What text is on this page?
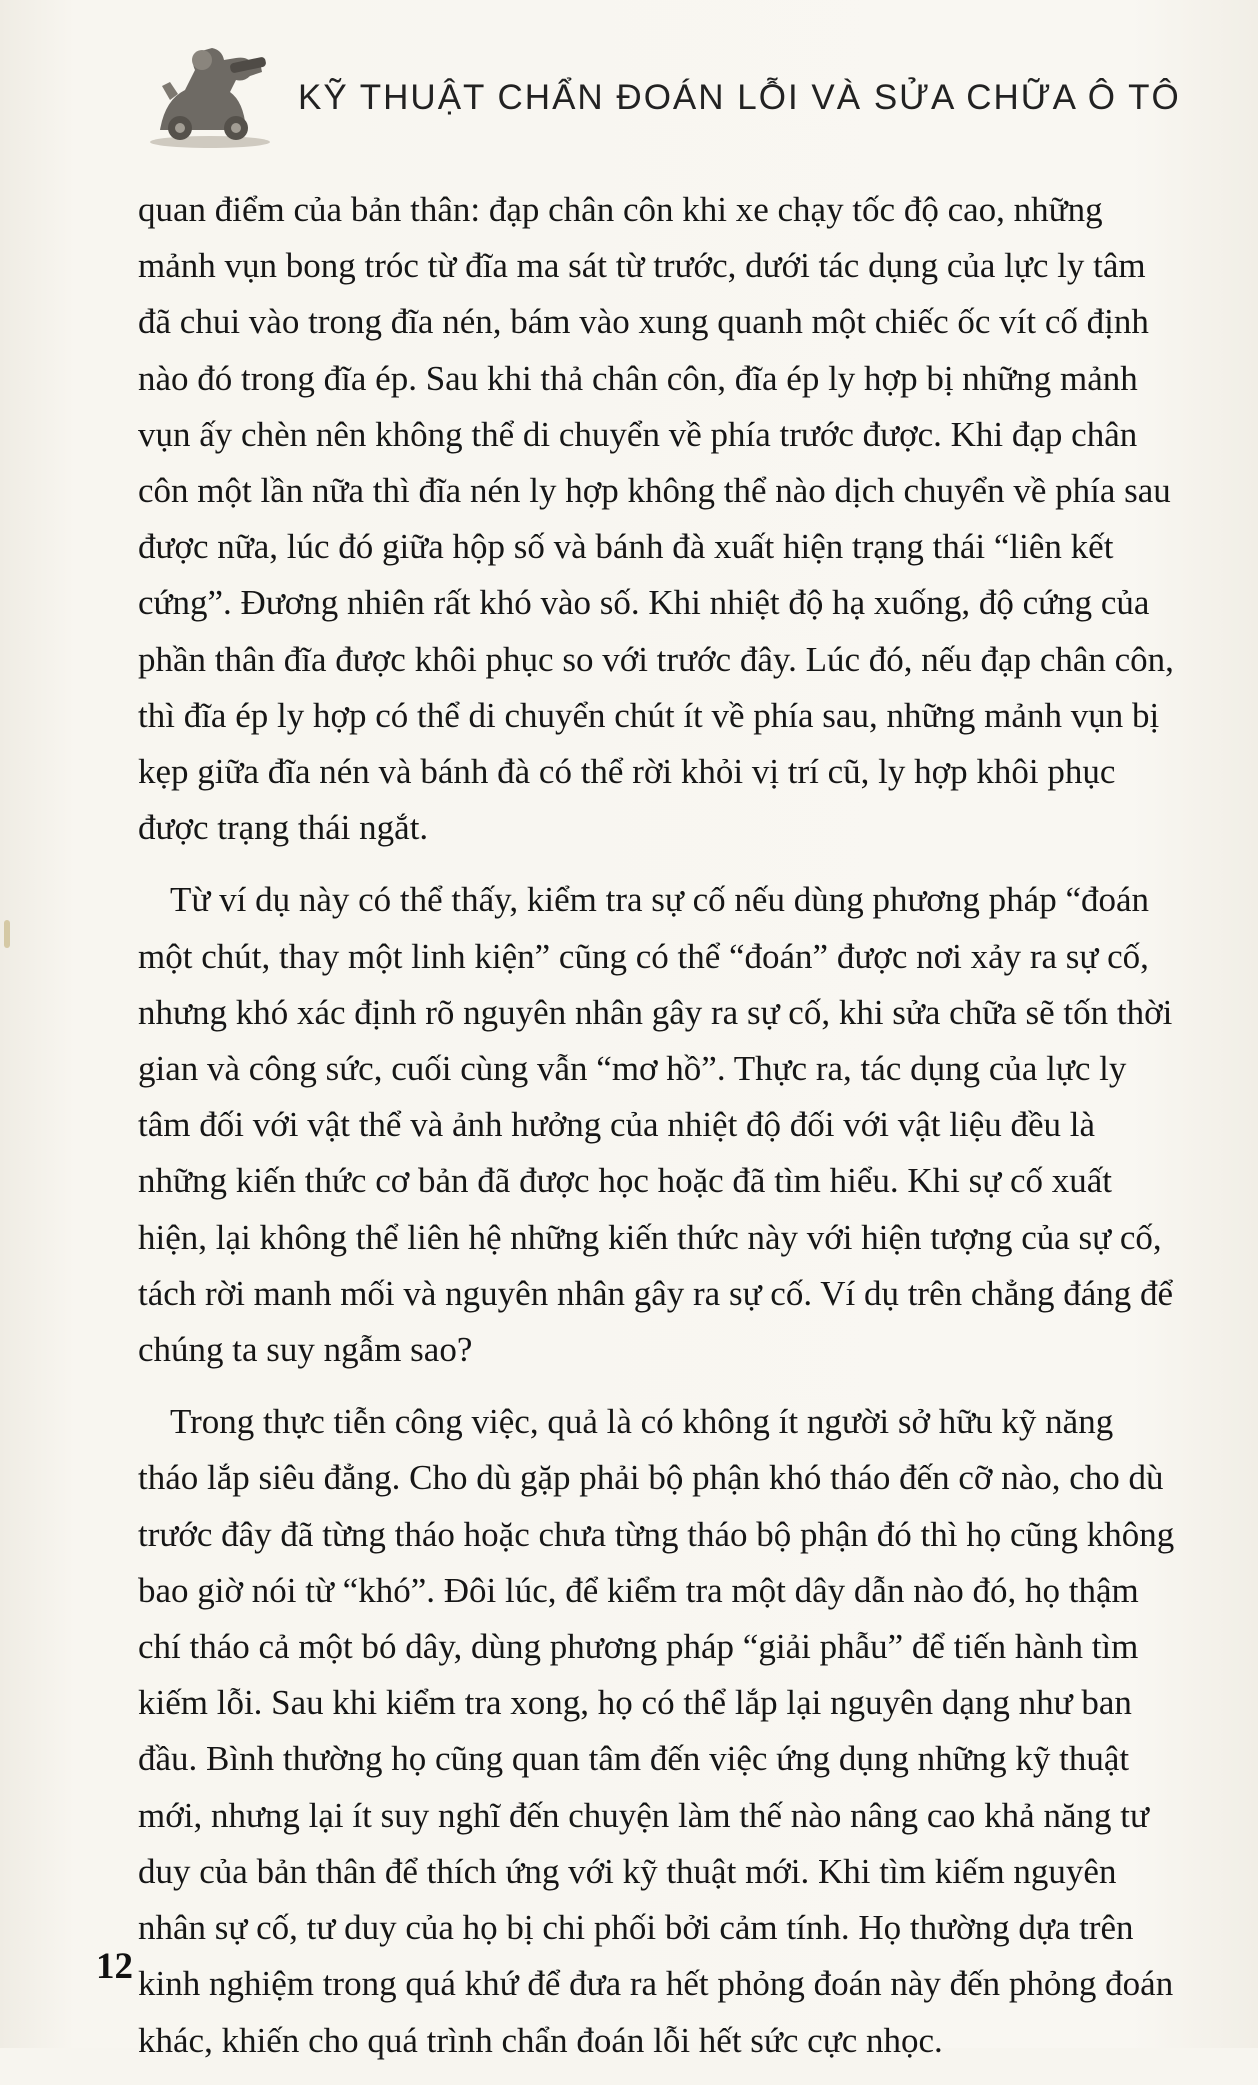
KỸ THUẬT CHẨN ĐOÁN LỖI VÀ SỬA CHỮA Ô TÔ

quan điểm của bản thân: đạp chân côn khi xe chạy tốc độ cao, những mảnh vụn bong tróc từ đĩa ma sát từ trước, dưới tác dụng của lực ly tâm đã chui vào trong đĩa nén, bám vào xung quanh một chiếc ốc vít cố định nào đó trong đĩa ép. Sau khi thả chân côn, đĩa ép ly hợp bị những mảnh vụn ấy chèn nên không thể di chuyển về phía trước được. Khi đạp chân côn một lần nữa thì đĩa nén ly hợp không thể nào dịch chuyển về phía sau được nữa, lúc đó giữa hộp số và bánh đà xuất hiện trạng thái “liên kết cứng”. Đương nhiên rất khó vào số. Khi nhiệt độ hạ xuống, độ cứng của phần thân đĩa được khôi phục so với trước đây. Lúc đó, nếu đạp chân côn, thì đĩa ép ly hợp có thể di chuyển chút ít về phía sau, những mảnh vụn bị kẹp giữa đĩa nén và bánh đà có thể rời khỏi vị trí cũ, ly hợp khôi phục được trạng thái ngắt.

Từ ví dụ này có thể thấy, kiểm tra sự cố nếu dùng phương pháp “đoán một chút, thay một linh kiện” cũng có thể “đoán” được nơi xảy ra sự cố, nhưng khó xác định rõ nguyên nhân gây ra sự cố, khi sửa chữa sẽ tốn thời gian và công sức, cuối cùng vẫn “mơ hồ”. Thực ra, tác dụng của lực ly tâm đối với vật thể và ảnh hưởng của nhiệt độ đối với vật liệu đều là những kiến thức cơ bản đã được học hoặc đã tìm hiểu. Khi sự cố xuất hiện, lại không thể liên hệ những kiến thức này với hiện tượng của sự cố, tách rời manh mối và nguyên nhân gây ra sự cố. Ví dụ trên chẳng đáng để chúng ta suy ngẫm sao?

Trong thực tiễn công việc, quả là có không ít người sở hữu kỹ năng tháo lắp siêu đẳng. Cho dù gặp phải bộ phận khó tháo đến cỡ nào, cho dù trước đây đã từng tháo hoặc chưa từng tháo bộ phận đó thì họ cũng không bao giờ nói từ “khó”. Đôi lúc, để kiểm tra một dây dẫn nào đó, họ thậm chí tháo cả một bó dây, dùng phương pháp “giải phẫu” để tiến hành tìm kiếm lỗi. Sau khi kiểm tra xong, họ có thể lắp lại nguyên dạng như ban đầu. Bình thường họ cũng quan tâm đến việc ứng dụng những kỹ thuật mới, nhưng lại ít suy nghĩ đến chuyện làm thế nào nâng cao khả năng tư duy của bản thân để thích ứng với kỹ thuật mới. Khi tìm kiếm nguyên nhân sự cố, tư duy của họ bị chi phối bởi cảm tính. Họ thường dựa trên kinh nghiệm trong quá khứ để đưa ra hết phỏng đoán này đến phỏng đoán khác, khiến cho quá trình chẩn đoán lỗi hết sức cực nhọc.

12
